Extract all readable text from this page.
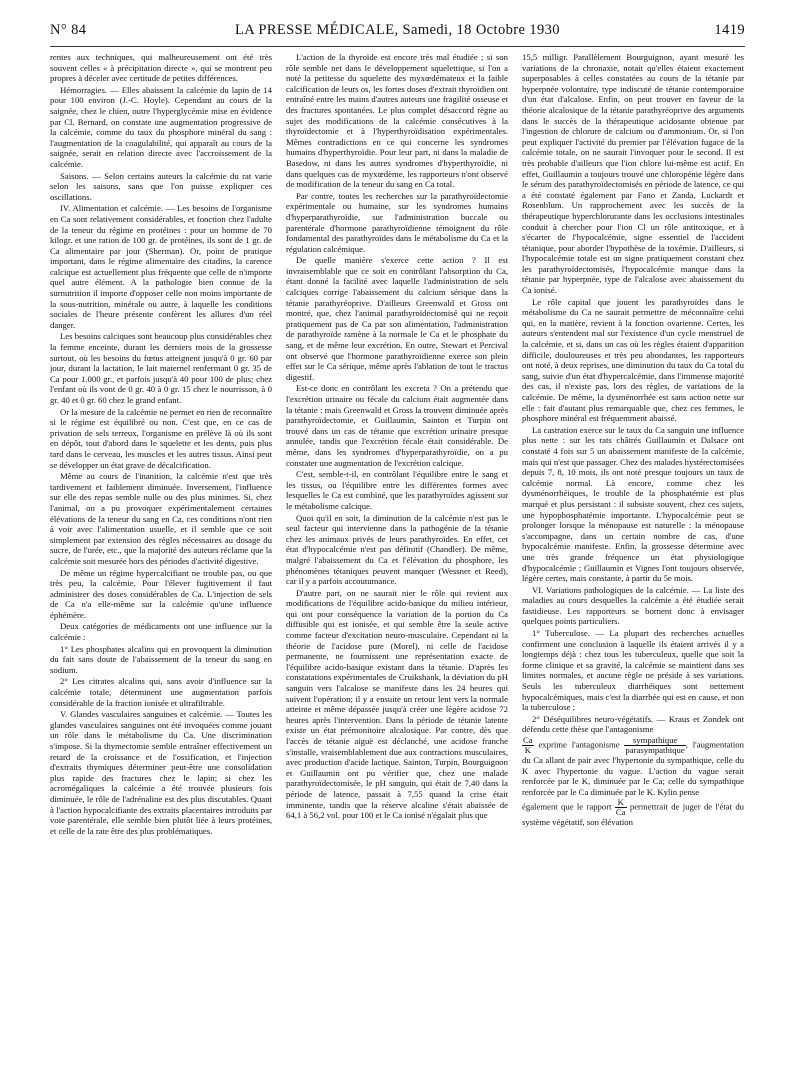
N° 84	LA PRESSE MÉDICALE, Samedi, 18 Octobre 1930	1419

rentes aux techniques, qui malheureusement ont été très souvent celles « à précipitation directe », qui se montrent peu propres à déceler avec certitude de petites différences.

Hémorragies. — Elles abaissent la calcémie du lapin de 14 pour 100 environ (J.-C. Hoyle). Cependant au cours de la saignée, chez le chien, outre l'hyperglycémie mise en évidence par Cl. Bernard, on constate une augmentation progressive de la calcémie, comme du taux du phosphore minéral du sang : l'augmentation de la coagulabilité, qui apparaît au cours de la saignée, serait en relation directe avec l'accroissement de la calcémie.

Saisons. — Selon certains auteurs la calcémie du rat varie selon les saisons, sans que l'on puisse expliquer ces oscillations.

IV. Alimentation et calcémie. — Les besoins de l'organisme en Ca sont relativement considérables, et fonction chez l'adulte de la teneur du régime en protéines : pour un homme de 70 kilogr. et une ration de 100 gr. de protéines, ils sont de 1 gr. de Ca alimentaire par jour (Sherman). Or, point de pratique important, dans le régime alimentaire des citadins, la carence calcique est actuellement plus fréquente que celle de n'importe quel autre élément. A la pathologie bien connue de la surnutrition il importe d'opposer celle non moins importante de la sous-nutrition, minérale ou autre, à laquelle les conditions sociales de l'heure présente confèrent les allures d'un réel danger.

Les besoins calciques sont beaucoup plus considérables chez la femme enceinte, durant les derniers mois de la grossesse surtout, où les besoins du fœtus atteignent jusqu'à 0 gr. 60 par jour, durant la lactation, le lait maternel renfermant 0 gr. 35 de Ca pour 1.000 gr., et parfois jusqu'à 40 pour 100 de plus; chez l'enfant où ils vont de 0 gr. 40 à 0 gr. 15 chez le nourrisson, à 0 gr. 40 et 0 gr. 60 chez le grand enfant.

Or la mesure de la calcémie ne permet en rien de reconnaître si le régime est équilibré ou non. C'est que, en ce cas de privation de sels terreux, l'organisme en prélève là où ils sont en dépôt, tout d'abord dans le squelette et les dents, puis plus tard dans le cerveau, les muscles et les autres tissus. Ainsi peut se développer un état grave de décalcification.

Même au cours de l'inanition, la calcémie n'est que très tardivement et faiblement diminuée. Inversement, l'influence sur elle des repas semble nulle ou des plus minimes. Si, chez l'animal, on a pu provoquer expérimentalement certaines élévations de la teneur du sang en Ca, ces conditions n'ont rien à voir avec l'alimentation usuelle, et il semble que ce soit simplement par extension des règles nécessaires au dosage du sucre, de l'urée, etc., que la majorité des auteurs réclame que la calcémie soit mesurée hors des périodes d'activité digestive.

De même un régime hypercalcifiant ne trouble pas, ou que très peu, la calcémie. Pour l'élever fugitivement il faut administrer des doses considérables de Ca. L'injection de sels de Ca n'a elle-même sur la calcémie qu'une influence éphémère.

Deux catégories de médicaments ont une influence sur la calcémie :

1° Les phosphates alcalins qui en provoquent la diminution du fait sans doute de l'abaissement de la teneur du sang en sodium.

2° Les citrates alcalins qui, sans avoir d'influence sur la calcémie totale, déterminent une augmentation parfois considérable de la fraction ionisée et ultrafiltrable.

V. Glandes vasculaires sanguines et calcémie. — Toutes les glandes vasculaires sanguines ont été invoquées comme jouant un rôle dans le métabolisme du Ca. Une discrimination s'impose. Si la thymectomie semble entraîner effectivement un retard de la croissance et de l'ossification, et l'injection d'extraits thymiques déterminer peut-être une consolidation plus rapide des fractures chez le lapin; si chez les acromégaliques la calcémie a été trouvée plusieurs fois diminuée, le rôle de l'adrénaline est des plus discutables. Quant à l'action hypocalcifiante des extraits placentaires introduits par voie parentérale, elle semble bien plutôt liée à leurs protéines, et celle de la rate être des plus problématiques.

L'action de la thyroïde est encore très mal étudiée ; si son rôle semble net dans le développement squelettique, si l'on a noté la petitesse du squelette des myxœdémateux et la faible calcification de leurs os, les fortes doses d'extrait thyroïdien ont entraîné entre les mains d'autres auteurs une fragilité osseuse et des fractures spontanées. Le plus complet désaccord règne au sujet des modifications de la calcémie consécutives à la thyroïdectomie et à l'hyperthyroïdisation expérimentales. Mêmes contradictions en ce qui concerne les syndromes humains d'hyperthyroïdie. Pour leur part, ni dans la maladie de Basedow, ni dans les autres syndromes d'hyperthyroïdie, ni dans quelques cas de myxœdème, les rapporteurs n'ont observé de modification de la teneur du sang en Ca total.

Par contre, toutes les recherches sur la parathyroïdectomie expérimentale ou humaine, sur les syndromes humains d'hyperparathyroïdie, sur l'administration buccale ou parentérale d'hormone parathyroïdienne témoignent du rôle fondamental des parathyroïdes dans le métabolisme du Ca et la régulation calcémique.

De quelle manière s'exerce cette action ? Il est invraisemblable que ce soit en contrôlant l'absorption du Ca, étant donné la facilité avec laquelle l'administration de sels calciques corrige l'abaissement du calcium sérique dans la tétanie parathyréoprive. D'ailleurs Greenwald et Gross ont montré, que, chez l'animal parathyroïdectomisé qui ne reçoit pratiquement pas de Ca par son alimentation, l'administration de parathyroïde ramène à la normale le Ca et le phosphate du sang, et de même leur excrétion. En outre, Stewart et Percival ont observé que l'hormone parathyroïdienne exerce son plein effet sur le Ca sérique, même après l'ablation de tout le tractus digestif.

Est-ce donc en contrôlant les excreta ? On a prétendu que l'excrétion urinaire ou fécale du calcium était augmentée dans la tétanie : mais Greenwald et Gross la trouvent diminuée après parathyroïdectomie, et Guillaumin, Sainton et Turpin ont trouvé dans un cas de tétanie que excrétion urinaire presque annulée, tandis que l'excrétion fécale était considérable. De même, dans les syndromes d'hyperparathyroïdie, on a pu constater une augmentation de l'excrétion calcique.

C'est, semble-t-il, en contrôlant l'équilibre entre le sang et les tissus, ou l'équilibre entre les différentes formes avec lesquelles le Ca est combiné, que les parathyroïdes agissent sur le métabolisme calcique.

Quoi qu'il en soit, la diminution de la calcémie n'est pas le seul facteur qui intervienne dans la pathogénie de la tétanie chez les animaux privés de leurs parathyroïdes. En effet, cet état d'hypocalcémie n'est pas définitif (Chandler). De même, malgré l'abaissement du Ca et l'élévation du phosphore, les phénomènes tétaniques peuvent manquer (Wessner et Reed), car il y a parfois accoutumance.

D'autre part, on ne saurait nier le rôle qui revient aux modifications de l'équilibre acido-basique du milieu intérieur, qui ont pour conséquence la variation de la portion du Ca diffusible qui est ionisée, et qui semble être la seule active comme facteur d'excitation neuro-musculaire. Cependant ni la théorie de l'acidose pure (Morel), ni celle de l'acidose permanente, ne fournissent une représentation exacte de l'équilibre acido-basique existant dans la tétanie. D'après les constatations expérimentales de Cruikshank, la déviation du pH sanguin vers l'alcalose se manifeste dans les 24 heures qui suivent l'opération; il y a ensuite un retour lent vers la normale atteinte et même dépassée jusqu'à créer une légère acidose 72 heures après l'intervention. Dans la période de tétanie latente existe un état prémonitoire alcalosique. Par contre, dès que l'accès de tétanie aiguë est déclanché, une acidose franche s'installe, vraisemblablement due aux contractions musculaires, avec production d'acide lactique. Sainton, Turpin, Bourguignon et Guillaumin ont pu vérifier que, chez une malade parathyroïdectomisée, le pH sanguin, qui était de 7,40 dans la période de latence, passait à 7,55 quand la crise était imminente, tandis que la réserve alcaline s'était abaissée de 64,1 à 56,2 vol. pour 100 et le Ca ionisé n'égalait plus que

15,5 milligr. Parallèlement Bourguignon, ayant mesuré les variations de la chronaxie, notait qu'elles étaient exactement superposables à celles constatées au cours de la tétanie par hyperpnée volontaire, type indiscuté de tétanie contemporaine d'un état d'alcalose. Enfin, on peut trouver en faveur de la théorie alcalosique de la tétanie parathyréoprive des arguments dans le succès de la thérapeutique acidosante obtenue par l'ingestion de chlorure de calcium ou d'ammonium. Or, si l'on peut expliquer l'activité du premier par l'élévation fugace de la calcémie totale, on ne saurait l'invoquer pour le second. Il est très probable d'ailleurs que l'ion chlore lui-même est actif. En effet, Guillaumin a toujours trouvé une chloropénie légère dans le sérum des parathyroïdectomisés en période de latence, ce qui a été constaté également par Fano et Zanda, Luckardt et Rosenblum. Un rapprochement avec les succès de la thérapeutique hyperchlorurante dans les occlusions intestinales conduit à chercher pour l'ion Cl un rôle antitoxique, et à s'écarter de l'hypocalcémie, signe essentiel de l'accident tétanique, pour aborder l'hypothèse de la toxémie. D'ailleurs, si l'hypocalcémie totale est un signe pratiquement constant chez les parathyroïdectomisés, l'hypocalcémie manque dans la tétanie par hyperpnée, type de l'alcalose avec abaissement du Ca ionisé.

Le rôle capital que jouent les parathyroïdes dans le métabolisme du Ca ne saurait permettre de méconnaître celui qui, en la matière, revient à la fonction ovarienne. Certes, les auteurs s'entendent mal sur l'existence d'un cycle menstruel de la calcémie, et si, dans un cas où les règles étaient d'apparition difficile, douloureuses et très peu abondantes, les rapporteurs ont noté, à deux reprises, une diminution du taux du Ca total du sang, suivie d'un état d'hypercalcémie, dans l'immense majorité des cas, il n'existe pas, lors des règles, de variations de la calcémie. De même, la dysménorrhée est sans action nette sur elle : fait d'autant plus remarquable que, chez ces femmes, le phosphore minéral est fréquemment abaissé.

La castration exerce sur le taux du Ca sanguin une influence plus nette : sur les rats châtrés Guillaumin et Dalsace ont constaté 4 fois sur 5 un abaissement manifeste de la calcémie, mais qui n'est que passager. Chez des malades hystérectomisées depuis 7, 8, 10 mois, ils ont noté presque toujours un taux de calcémie normal. Là encore, comme chez les dysménorrhéiques, le trouble de la phosphatémie est plus marqué et plus persistant : il subsiste souvent, chez ces sujets, une hypophosphatémie importante. L'hypocalcémie peut se prolonger lorsque la ménopause est naturelle : la ménopause s'accompagne, dans un certain nombre de cas, d'une hypocalcémie manifeste. Enfin, la grossesse détermine avec une très grande fréquence un état physiologique d'hypocalcémie ; Guillaumin et Vignes l'ont toujours observée, légère certes, mais constante, à partir du 5e mois.

VI. Variations pathologiques de la calcémie. — La liste des maladies au cours desquelles la calcémie a été étudiée serait fastidieuse. Les rapporteurs se bornent donc à envisager quelques points particuliers.

1° Tuberculose. — La plupart des recherches actuelles confirment une conclusion à laquelle ils étaient arrivés il y a longtemps déjà : chez tous les tuberculeux, quelle que soit la forme clinique et sa gravité, la calcémie se maintient dans ses limites normales, et aucune règle ne préside à ses variations. Seuls les tuberculeux diarrhéiques sont nettement hypocalcémiques, mais c'est la diarrhée qui est en cause, et non la tuberculose ;

2° Déséquilibres neuro-végétatifs. — Kraus et Zondek ont défendu cette thèse que l'antagonisme

$\frac{Ca}{K}$ exprime l'antagonisme $\frac{\text{sympathique}}{\text{parasympathique}}$ , l'augmentation du Ca allant de pair avec l'hypertonie du sympathique, celle du K avec l'hypertonie du vague. L'action du vague serait renforcée par le K, diminuée par le Ca; celle du sympathique renforcée par le Ca diminuée par le K. Kylin pense

également que le rapport $\frac{K}{Ca}$ permettrait de juger de l'état du système végétatif, son élévation
